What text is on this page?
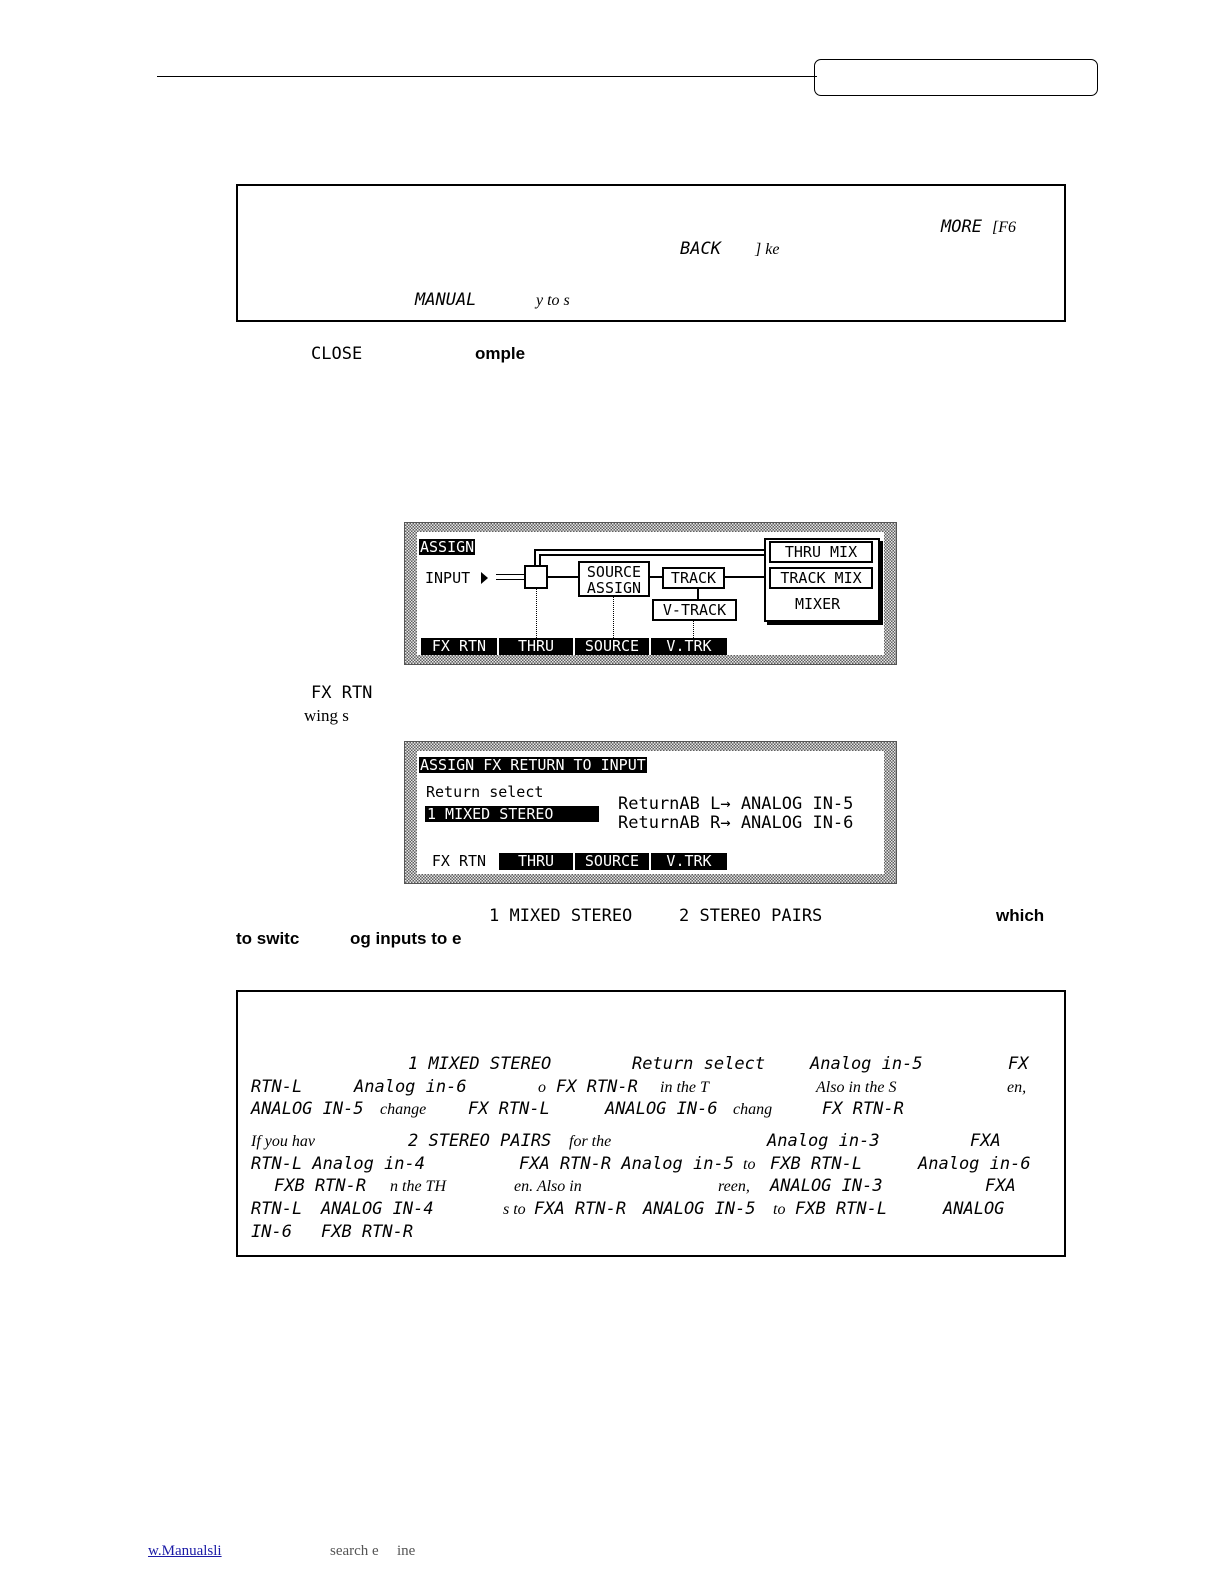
MORE [F6
BACK ] ke
MANUAL	y to s
CLOSE	omple
ASSIGN
INPUT	SOURCE
ASSIGN
TRACK
V-TRACK
THRU MIX
TRACK MIX
MIXER
FX RTN	THRU	SOURCE	V.TRK
FX RTN
wing s
ASSIGN FX RETURN TO INPUT
Return select
1 MIXED STEREO	ReturnAB L→ ANALOG IN-5
ReturnAB R→ ANALOG IN-6
FX RTN	THRU	SOURCE	V.TRK
1 MIXED STEREO	2 STEREO PAIRS	which
to switc	og inputs to e
1 MIXED STEREO	Return select	Analog in-5	FX
RTN-L	Analog in-6	o FX RTN-R in the T	Also in the S	en,
ANALOG IN-5 change FX RTN-L	ANALOG IN-6 chang	FX RTN-R
If you hav	2 STEREO PAIRS for the	Analog in-3	FXA
RTN-L Analog in-4	FXA RTN-R Analog in-5 to FXB RTN-L	Analog in-6
FXB RTN-R n the TH	en. Also in	reen, ANALOG IN-3	FXA
RTN-L ANALOG IN-4	s to FXA RTN-R ANALOG IN-5 to FXB RTN-L	ANALOG
IN-6 FXB RTN-R
w.Manualsli	search e ine
